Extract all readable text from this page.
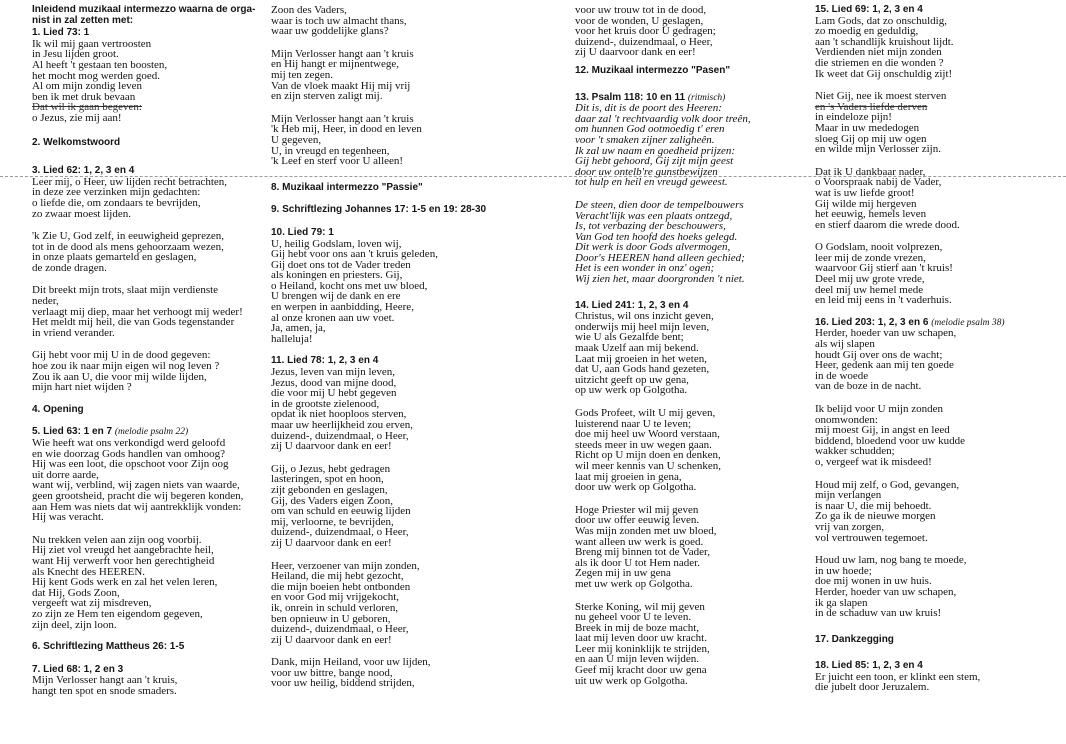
Inleidend muzikaal intermezzo waarna de orga-
nist in zal zetten met:
1. Lied 73: 1
Ik wil mij gaan vertroosten
in Jesu lijden groot.
Al heeft 't gestaan ten boosten,
het mocht mog werden goed.
Al om mijn zondig leven
ben ik met druk bevaan
Dat wil ik gaan begeven:
o Jezus, zie mij aan!
2. Welkomstwoord
3. Lied 62: 1, 2, 3 en 4
Leer mij, o Heer, uw lijden recht betrachten,
in deze zee verzinken mijn gedachten:
o liefde die, om zondaars te bevrijden,
zo zwaar moest lijden.
'k Zie U, God zelf, in eeuwigheid geprezen,
tot in de dood als mens gehoorzaam wezen,
in onze plaats gemarteld en geslagen,
de zonde dragen.
Dit breekt mijn trots, slaat mijn verdienste
neder,
verlaagt mij diep, maar het verhoogt mij weder!
Het meldt mij heil, die van Gods tegenstander
in vriend verander.
Gij hebt voor mij U in de dood gegeven:
hoe zou ik naar mijn eigen wil nog leven ?
Zou ik aan U, die voor mij wilde lijden,
mijn hart niet wijden ?
4. Opening
5. Lied 63: 1 en 7 (melodie psalm 22)
Wie heeft wat ons verkondigd werd geloofd
en wie doorzag Gods handlen van omhoog?
Hij was een loot, die opschoot voor Zijn oog
uit dorre aarde,
want wij, verblind, wij zagen niets van waarde,
geen grootsheid, pracht die wij begeren konden,
aan Hem was niets dat wij aantrekklijk vonden:
Hij was veracht.
Nu trekken velen aan zijn oog voorbij.
Hij ziet vol vreugd het aangebrachte heil,
want Hij verwerft voor hen gerechtigheid
als Knecht des HEEREN.
Hij kent Gods werk en zal het velen leren,
dat Hij, Gods Zoon,
vergeeft wat zij misdreven,
zo zijn ze Hem ten eigendom gegeven,
zijn deel, zijn loon.
6. Schriftlezing Mattheus 26: 1-5
7. Lied 68: 1, 2 en 3
Mijn Verlosser hangt aan 't kruis,
hangt ten spot en snode smaders.
Zoon des Vaders,
waar is toch uw almacht thans,
waar uw goddelijke glans?
Mijn Verlosser hangt aan 't kruis
en Hij hangt er mijnentwege,
mij ten zegen.
Van de vloek maakt Hij mij vrij
en zijn sterven zaligt mij.
Mijn Verlosser hangt aan 't kruis
'k Heb mij, Heer, in dood en leven
U gegeven,
U, in vreugd en tegenheen,
'k Leef en sterf voor U alleen!
8. Muzikaal intermezzo "Passie"
9. Schriftlezing Johannes 17: 1-5 en 19: 28-30
10. Lied 79: 1
U, heilig Godslam, loven wij,
Gij hebt voor ons aan 't kruis geleden,
Gij doet ons tot de Vader treden
als koningen en priesters. Gij,
o Heiland, kocht ons met uw bloed,
U brengen wij de dank en ere
en werpen in aanbidding, Heere,
al onze kronen aan uw voet.
Ja, amen, ja,
halleluja!
11. Lied 78: 1, 2, 3 en 4
Jezus, leven van mijn leven,
Jezus, dood van mijne dood,
die voor mij U hebt gegeven
in de grootste zielenood,
opdat ik niet hooploos sterven,
maar uw heerlijkheid zou erven,
duizend-, duizendmaal, o Heer,
zij U daarvoor dank en eer!
Gij, o Jezus, hebt gedragen
lasteringen, spot en hoon,
zijt gebonden en geslagen,
Gij, des Vaders eigen Zoon,
om van schuld en eeuwig lijden
mij, verloorne, te bevrijden,
duizend-, duizendmaal, o Heer,
zij U daarvoor dank en eer!
Heer, verzoener van mijn zonden,
Heiland, die mij hebt gezocht,
die mijn boeien hebt ontbonden
en voor God mij vrijgekocht,
ik, onrein in schuld verloren,
ben opnieuw in U geboren,
duizend-, duizendmaal, o Heer,
zij U daarvoor dank en eer!
Dank, mijn Heiland, voor uw lijden,
voor uw bittre, bange nood,
voor uw heilig, biddend strijden,
voor uw trouw tot in de dood,
voor de wonden, U geslagen,
voor het kruis door U gedragen;
duizend-, duizendmaal, o Heer,
zij U daarvoor dank en eer!
12. Muzikaal intermezzo "Pasen"
13. Psalm 118: 10 en 11 (ritmisch)
Dit is, dit is de poort des Heeren:
daar zal 't rechtvaardig volk door treên,
om hunnen God ootmoedig t' eren
voor 't smaken zijner zaligheên.
Ik zal uw naam en goedheid prijzen:
Gij hebt gehoord, Gij zijt mijn geest
door uw ontelb're gunstbewijzen
tot hulp en heil en vreugd geweest.
De steen, dien door de tempelbouwers
Veracht'lijk was een plaats ontzegd,
Is, tot verbazing der beschouwers,
Van God ten hoofd des hoeks gelegd.
Dit werk is door Gods alvermogen,
Door's HEEREN hand alleen gechied;
Het is een wonder in onz' ogen;
Wij zien het, maar doorgronden 't niet.
14. Lied 241: 1, 2, 3 en 4
Christus, wil ons inzicht geven,
onderwijs mij heel mijn leven,
wie U als Gezalfde bent;
maak Uzelf aan mij bekend.
Laat mij groeien in het weten,
dat U, aan Gods hand gezeten,
uitzicht geeft op uw gena,
op uw werk op Golgotha.
Gods Profeet, wilt U mij geven,
luisterend naar U te leven;
doe mij heel uw Woord verstaan,
steeds meer in uw wegen gaan.
Richt op U mijn doen en denken,
wil meer kennis van U schenken,
laat mij groeien in gena,
door uw werk op Golgotha.
Hoge Priester wil mij geven
door uw offer eeuwig leven.
Was mijn zonden met uw bloed,
want alleen uw werk is goed.
Breng mij binnen tot de Vader,
als ik door U tot Hem nader.
Zegen mij in uw gena
met uw werk op Golgotha.
Sterke Koning, wil mij geven
nu geheel voor U te leven.
Breek in mij de boze macht,
laat mij leven door uw kracht.
Leer mij koninklijk te strijden,
en aan U mijn leven wijden.
Geef mij kracht door uw gena
uit uw werk op Golgotha.
15. Lied 69: 1, 2, 3 en 4
Lam Gods, dat zo onschuldig,
zo moedig en geduldig,
aan 't schandlijk kruishout lijdt.
Verdienden niet mijn zonden
die striemen en die wonden ?
Ik weet dat Gij onschuldig zijt!
Niet Gij, nee ik moest sterven
en 's Vaders liefde derven
in eindeloze pijn!
Maar in uw mededogen
sloeg Gij op mij uw ogen
en wilde mijn Verlosser zijn.
Dat ik U dankbaar nader,
o Voorspraak nabij de Vader,
wat is uw liefde groot!
Gij wilde mij hergeven
het eeuwig, hemels leven
en stierf daarom die wrede dood.
O Godslam, nooit volprezen,
leer mij de zonde vrezen,
waarvoor Gij stierf aan 't kruis!
Deel mij uw grote vrede,
deel mij uw hemel mede
en leid mij eens in 't vaderhuis.
16. Lied 203: 1, 2, 3 en 6 (melodie psalm 38)
Herder, hoeder van uw schapen,
als wij slapen
houdt Gij over ons de wacht;
Heer, gedenk aan mij ten goede
in de woede
van de boze in de nacht.
Ik belijd voor U mijn zonden
onomwonden:
mij moest Gij, in angst en leed
biddend, bloedend voor uw kudde
wakker schudden;
o, vergeef wat ik misdeed!
Houd mij zelf, o God, gevangen,
mijn verlangen
is naar U, die mij behoedt.
Zo ga ik de nieuwe morgen
vrij van zorgen,
vol vertrouwen tegemoet.
Houd uw lam, nog bang te moede,
in uw hoede;
doe mij wonen in uw huis.
Herder, hoeder van uw schapen,
ik ga slapen
in de schaduw van uw kruis!
17. Dankzegging
18. Lied 85: 1, 2, 3 en 4
Er juicht een toon, er klinkt een stem,
die jubelt door Jeruzalem.
